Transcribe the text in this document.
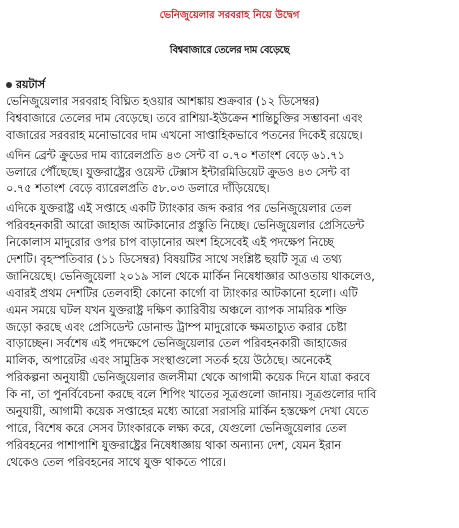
ভেনিজুয়েলার সরবরাহ নিয়ে উদ্বেগ
বিশ্ববাজারে তেলের দাম বেড়েছে
রয়টার্স
ভেনিজুয়েলার সরবরাহ বিঘ্নিত হওয়ার আশঙ্কায় শুক্রবার (১২ ডিসেম্বর)
বিশ্ববাজারে তেলের দাম বেড়েছে। তবে রাশিয়া-ইউক্রেন শান্তিচুক্তির সম্ভাবনা এবং
বাজারের সরবরাহ মনোভাবের দাম এখনো সাপ্তাহিকভাবে পতনের দিকেই রয়েছে।
এদিন ব্রেন্ট ক্রুডের দাম ব্যারেলপ্রতি ৪৩ সেন্ট বা ০.৭০ শতাংশ বেড়ে ৬১.৭১
ডলারে পৌঁছেছে। যুক্তরাষ্ট্রের ওয়েস্ট টেক্সাস ইন্টারমিডিয়েট ক্রুডও ৪৩ সেন্ট বা
০.৭৫ শতাংশ বেড়ে ব্যারেলপ্রতি ৫৮.০৩ ডলারে দাঁড়িয়েছে।
এদিকে যুক্তরাষ্ট্র এই সপ্তাহে একটি ট্যাংকার জব্দ করার পর ভেনিজুয়েলার তেল
পরিবহনকারী আরো জাহাজ আটকানোর প্রস্তুতি নিচ্ছে। ভেনিজুয়েলার প্রেসিডেন্ট
নিকোলাস মাদুরোর ওপর চাপ বাড়ানোর অংশ হিসেবেই এই পদক্ষেপ নিচ্ছে
দেশটি। বৃহস্পতিবার (১১ ডিসেম্বর) বিষয়টির সাথে সংশ্লিষ্ট ছয়টি সূত্র এ তথ্য
জানিয়েছে। ভেনিজুয়েলা ২০১৯ সাল থেকে মার্কিন নিষেধাজ্ঞার আওতায় থাকলেও,
এবারই প্রথম দেশটির তেলবাহী কোনো কার্গো বা ট্যাংকার আটকানো হলো। এটি
এমন সময়ে ঘটল যখন যুক্তরাষ্ট্র দক্ষিণ ক্যারিবীয় অঞ্চলে ব্যাপক সামরিক শক্তি
জড়ো করছে এবং প্রেসিডেন্ট ডোনাল্ড ট্রাম্প মাদুরোকে ক্ষমতাচ্যুত করার চেষ্টা
বাড়াচ্ছেন। সর্বশেষ এই পদক্ষেপে ভেনিজুয়েলার তেল পরিবহনকারী জাহাজের
মালিক, অপারেটর এবং সামুদ্রিক সংস্থাগুলো সতর্ক হয়ে উঠেছে। অনেকেই
পরিকল্পনা অনুযায়ী ভেনিজুয়েলার জলসীমা থেকে আগামী কয়েক দিনে যাত্রা করবে
কি না, তা পুনর্বিবেচনা করছে বলে শিপিং খাতের সূত্রগুলো জানায়। সূত্রগুলোর দাবি
অনুযায়ী, আগামী কয়েক সপ্তাহের মধ্যে আরো সরাসরি মার্কিন হস্তক্ষেপ দেখা যেতে
পারে, বিশেষ করে সেসব ট্যাংকারকে লক্ষ্য করে, যেগুলো ভেনিজুয়েলার তেল
পরিবহনের পাশাপাশি যুক্তরাষ্ট্রের নিষেধাজ্ঞায় থাকা অন্যান্য দেশ, যেমন ইরান
থেকেও তেল পরিবহনের সাথে যুক্ত থাকতে পারে।
